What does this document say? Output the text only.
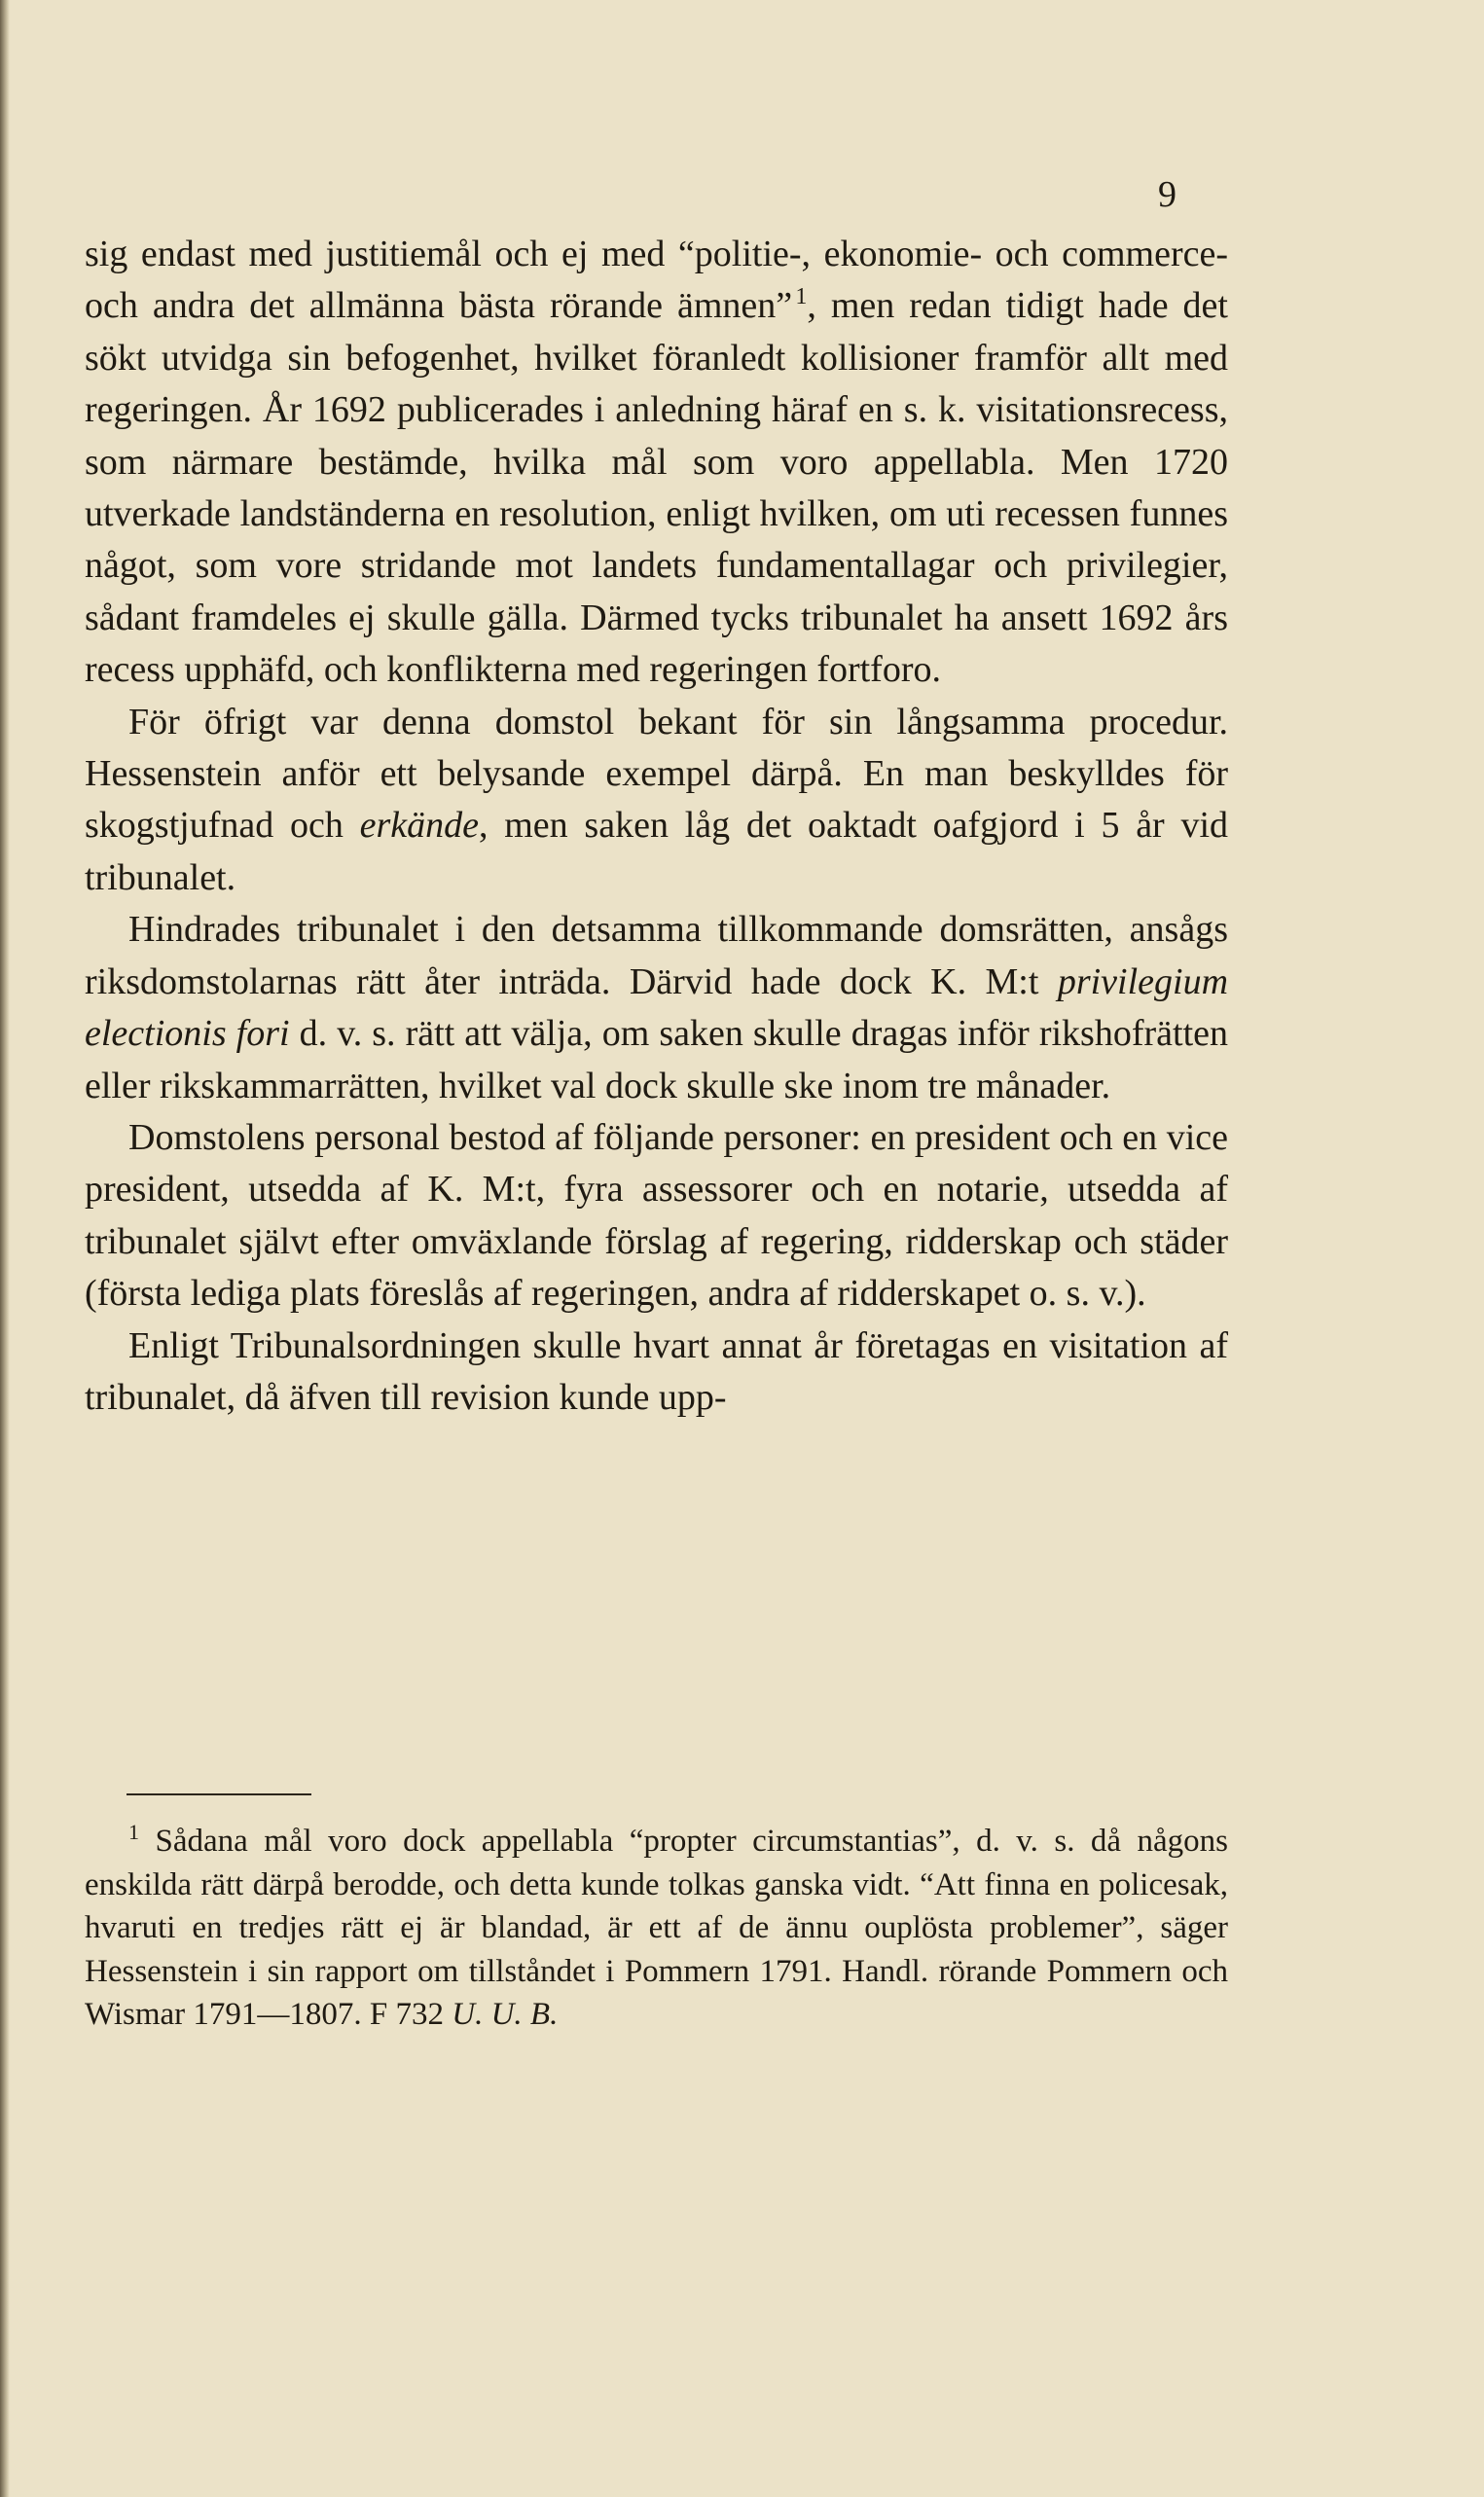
9

sig endast med justitiemål och ej med “politie-, ekonomie- och commerce- och andra det allmänna bästa rörande ämnen”  $^1$, men redan tidigt hade det sökt utvidga sin befogenhet, hvilket föranledt kollisioner framför allt med regeringen. År 1692 publicerades i anledning häraf en s. k. visitationsrecess, som närmare bestämde, hvilka mål som voro appellabla. Men 1720 utverkade landständerna en resolution, enligt hvilken, om uti recessen funnes något, som vore stridande mot landets fundamentallagar och privilegier, sådant framdeles ej skulle gälla. Därmed tycks tribunalet ha ansett 1692 års recess upphäfd, och konflikterna med regeringen fortforo.

För öfrigt var denna domstol bekant för sin långsamma procedur. Hessenstein anför ett belysande exempel därpå. En man beskylldes för skogstjufnad och erkände, men saken låg det oaktadt oafgjord i 5 år vid tribunalet.

Hindrades tribunalet i den detsamma tillkommande domsrätten, ansågs riksdomstolarnas rätt åter inträda. Därvid hade dock K. M:t privilegium electionis fori d. v. s. rätt att välja, om saken skulle dragas inför rikshofrätten eller rikskammarrätten, hvilket val dock skulle ske inom tre månader.

Domstolens personal bestod af följande personer: en president och en vice president, utsedda af K. M:t, fyra assessorer och en notarie, utsedda af tribunalet självt efter omväxlande förslag af regering, ridderskap och städer (första lediga plats föreslås af regeringen, andra af ridderskapet o. s. v.).

Enligt Tribunalsordningen skulle hvart annat år företagas en visitation af tribunalet, då äfven till revision kunde upp-

$^1$ Sådana mål voro dock appellabla “propter circumstantias”, d. v. s. då någons enskilda rätt därpå berodde, och detta kunde tolkas ganska vidt. “Att finna en policesak, hvaruti en tredjes rätt ej är blandad, är ett af de ännu ouplösta problemer”, säger Hessenstein i sin rapport om tillståndet i Pommern 1791. Handl. rörande Pommern och Wismar 1791—1807. F 732 U. U. B.
